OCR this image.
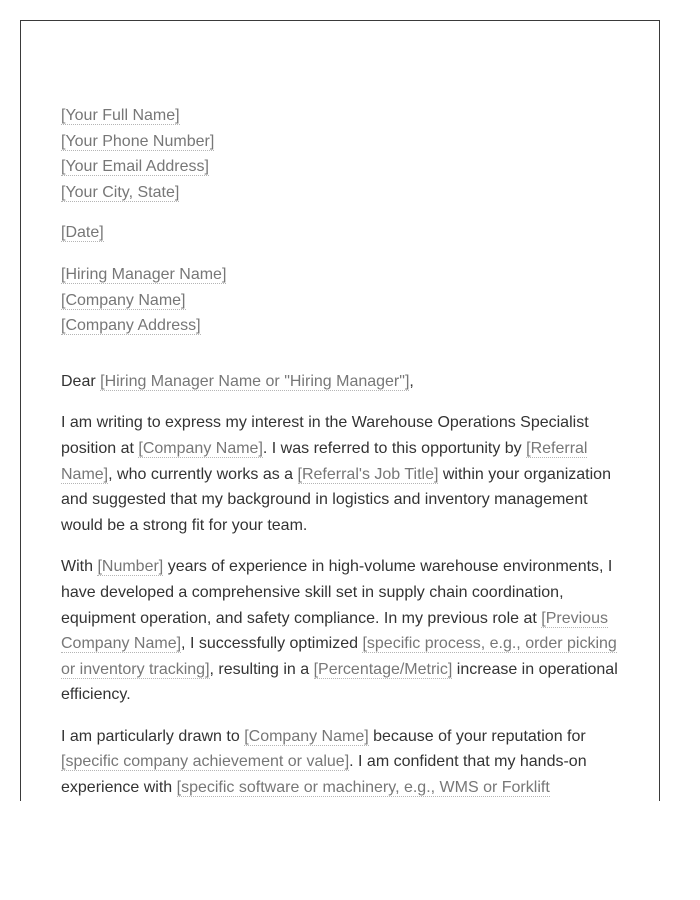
[Your Full Name]
[Your Phone Number]
[Your Email Address]
[Your City, State]
[Date]
[Hiring Manager Name]
[Company Name]
[Company Address]

Dear [Hiring Manager Name or "Hiring Manager"],

I am writing to express my interest in the Warehouse Operations Specialist position at [Company Name]. I was referred to this opportunity by [Referral Name], who currently works as a [Referral's Job Title] within your organization and suggested that my background in logistics and inventory management would be a strong fit for your team.

With [Number] years of experience in high-volume warehouse environments, I have developed a comprehensive skill set in supply chain coordination, equipment operation, and safety compliance. In my previous role at [Previous Company Name], I successfully optimized [specific process, e.g., order picking or inventory tracking], resulting in a [Percentage/Metric] increase in operational efficiency.

I am particularly drawn to [Company Name] because of your reputation for [specific company achievement or value]. I am confident that my hands-on experience with [specific software or machinery, e.g., WMS or Forklift
